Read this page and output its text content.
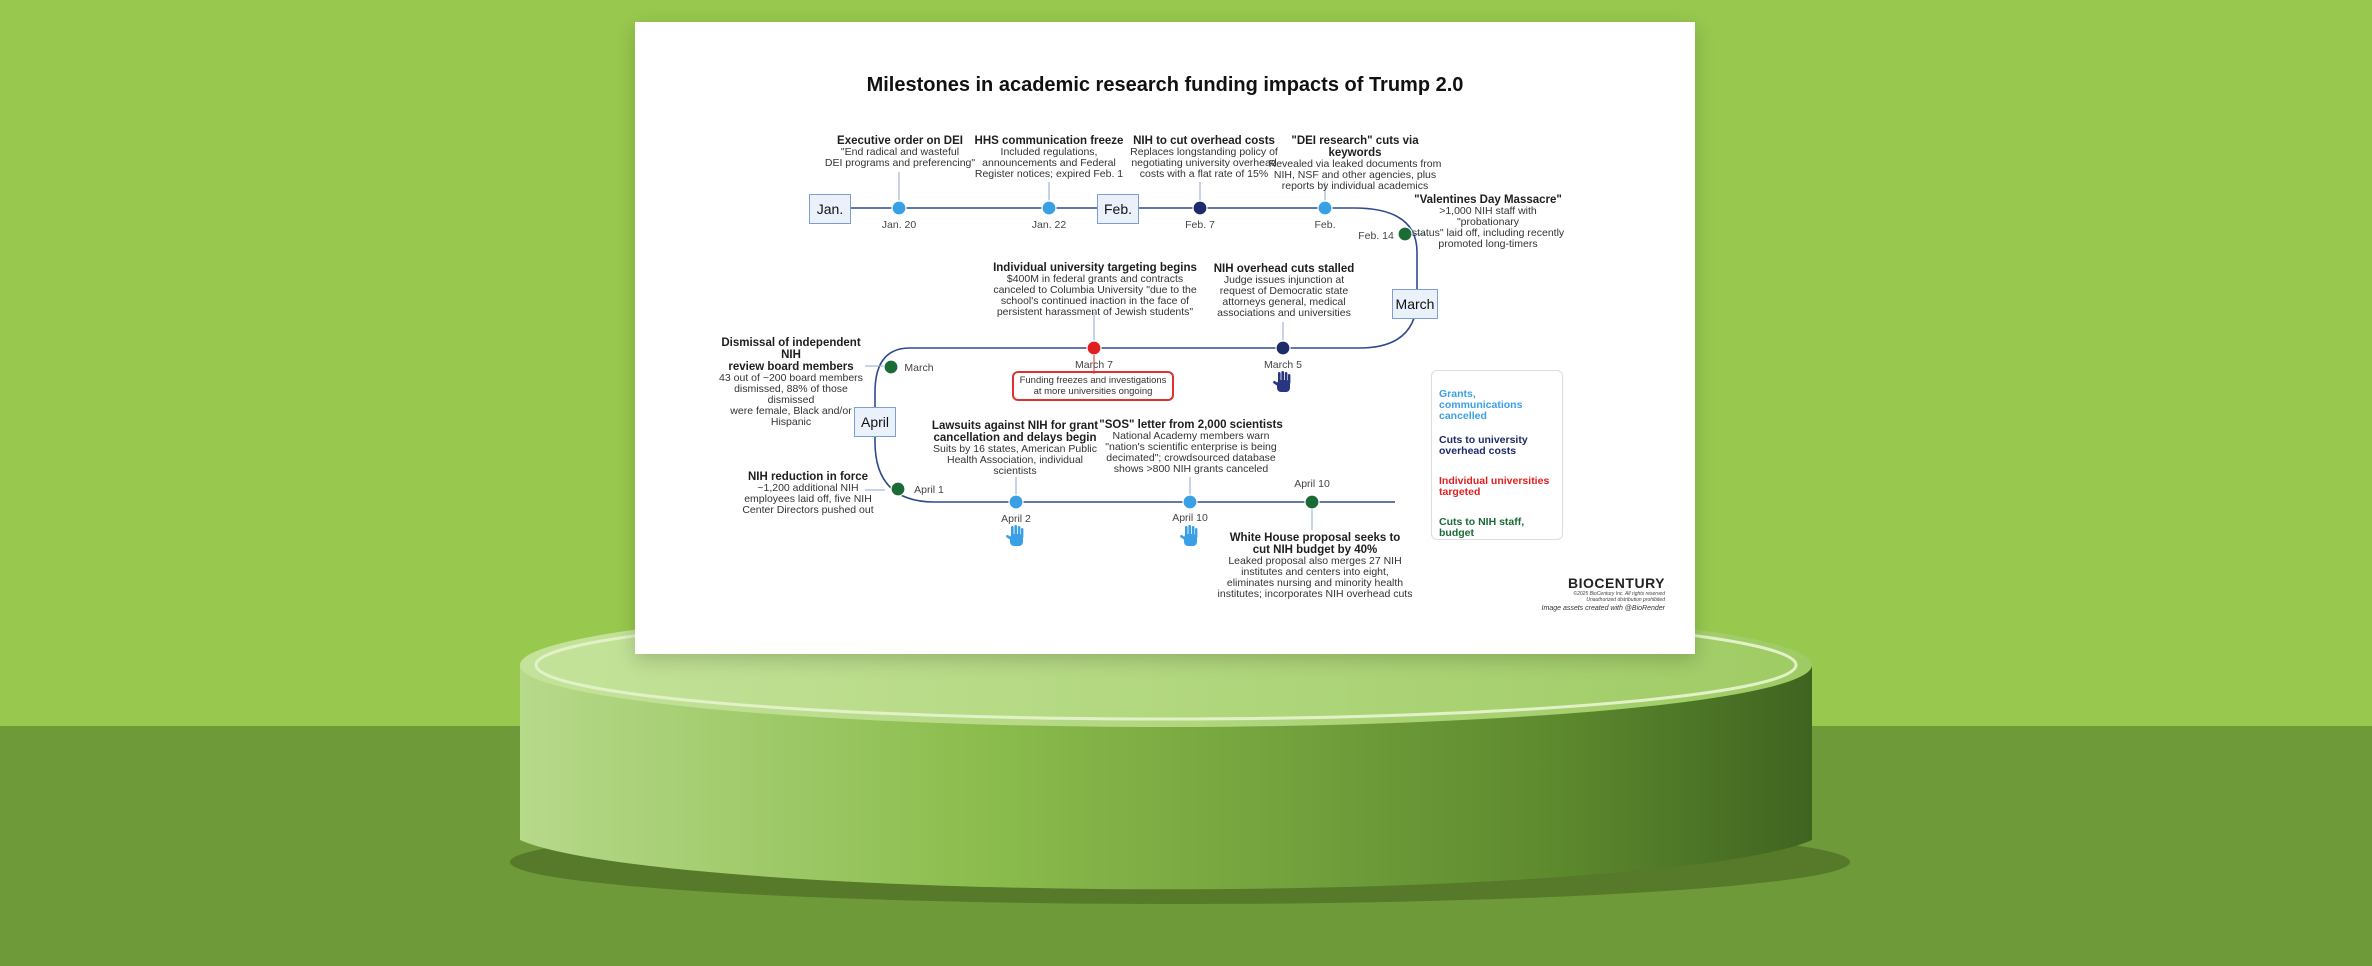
Milestones in academic research funding impacts of Trump 2.0
Jan.	Feb.
March
April
Jan. 20	Jan. 22	Feb. 7	Feb.
Feb. 14
March 5
March 7
March
April 1
April 2	April 10
April 10
Executive order on DEI
"End radical and wasteful
DEI programs and preferencing"
HHS communication freeze
Included regulations,
announcements and Federal
Register notices; expired Feb. 1
NIH to cut overhead costs
Replaces longstanding policy of
negotiating university overhead
costs with a flat rate of 15%
"DEI research" cuts via keywords
Revealed via leaked documents from
NIH, NSF and other agencies, plus
reports by individual academics
"Valentines Day Massacre"
>1,000 NIH staff with "probationary
status" laid off, including recently
promoted long-timers
NIH overhead cuts stalled
Judge issues injunction at
request of Democratic state
attorneys general, medical
associations and universities
Individual university targeting begins
$400M in federal grants and contracts
canceled to Columbia University "due to the
school's continued inaction in the face of
persistent harassment of Jewish students"
Dismissal of independent NIH
review board members
43 out of ~200 board members
dismissed, 88% of those dismissed
were female, Black and/or Hispanic	Lawsuits against NIH for grant
cancellation and delays begin
Suits by 16 states, American Public
Health Association, individual scientists
"SOS" letter from 2,000 scientists
National Academy members warn
"nation's scientific enterprise is being
decimated"; crowdsourced database
shows >800 NIH grants canceled
NIH reduction in force
~1,200 additional NIH
employees laid off, five NIH
Center Directors pushed out
White House proposal seeks to
cut NIH budget by 40%
Leaked proposal also merges 27 NIH
institutes and centers into eight,
eliminates nursing and minority health
institutes; incorporates NIH overhead cuts
Funding freezes and investigations
at more universities ongoing	Grants, communications cancelled
Cuts to university overhead costs
Individual universities targeted
Cuts to NIH staff, budget
BIOCENTURY
©2025 BioCentury Inc. All rights reserved
Unauthorized distribution prohibited
Image assets created with @BioRender
